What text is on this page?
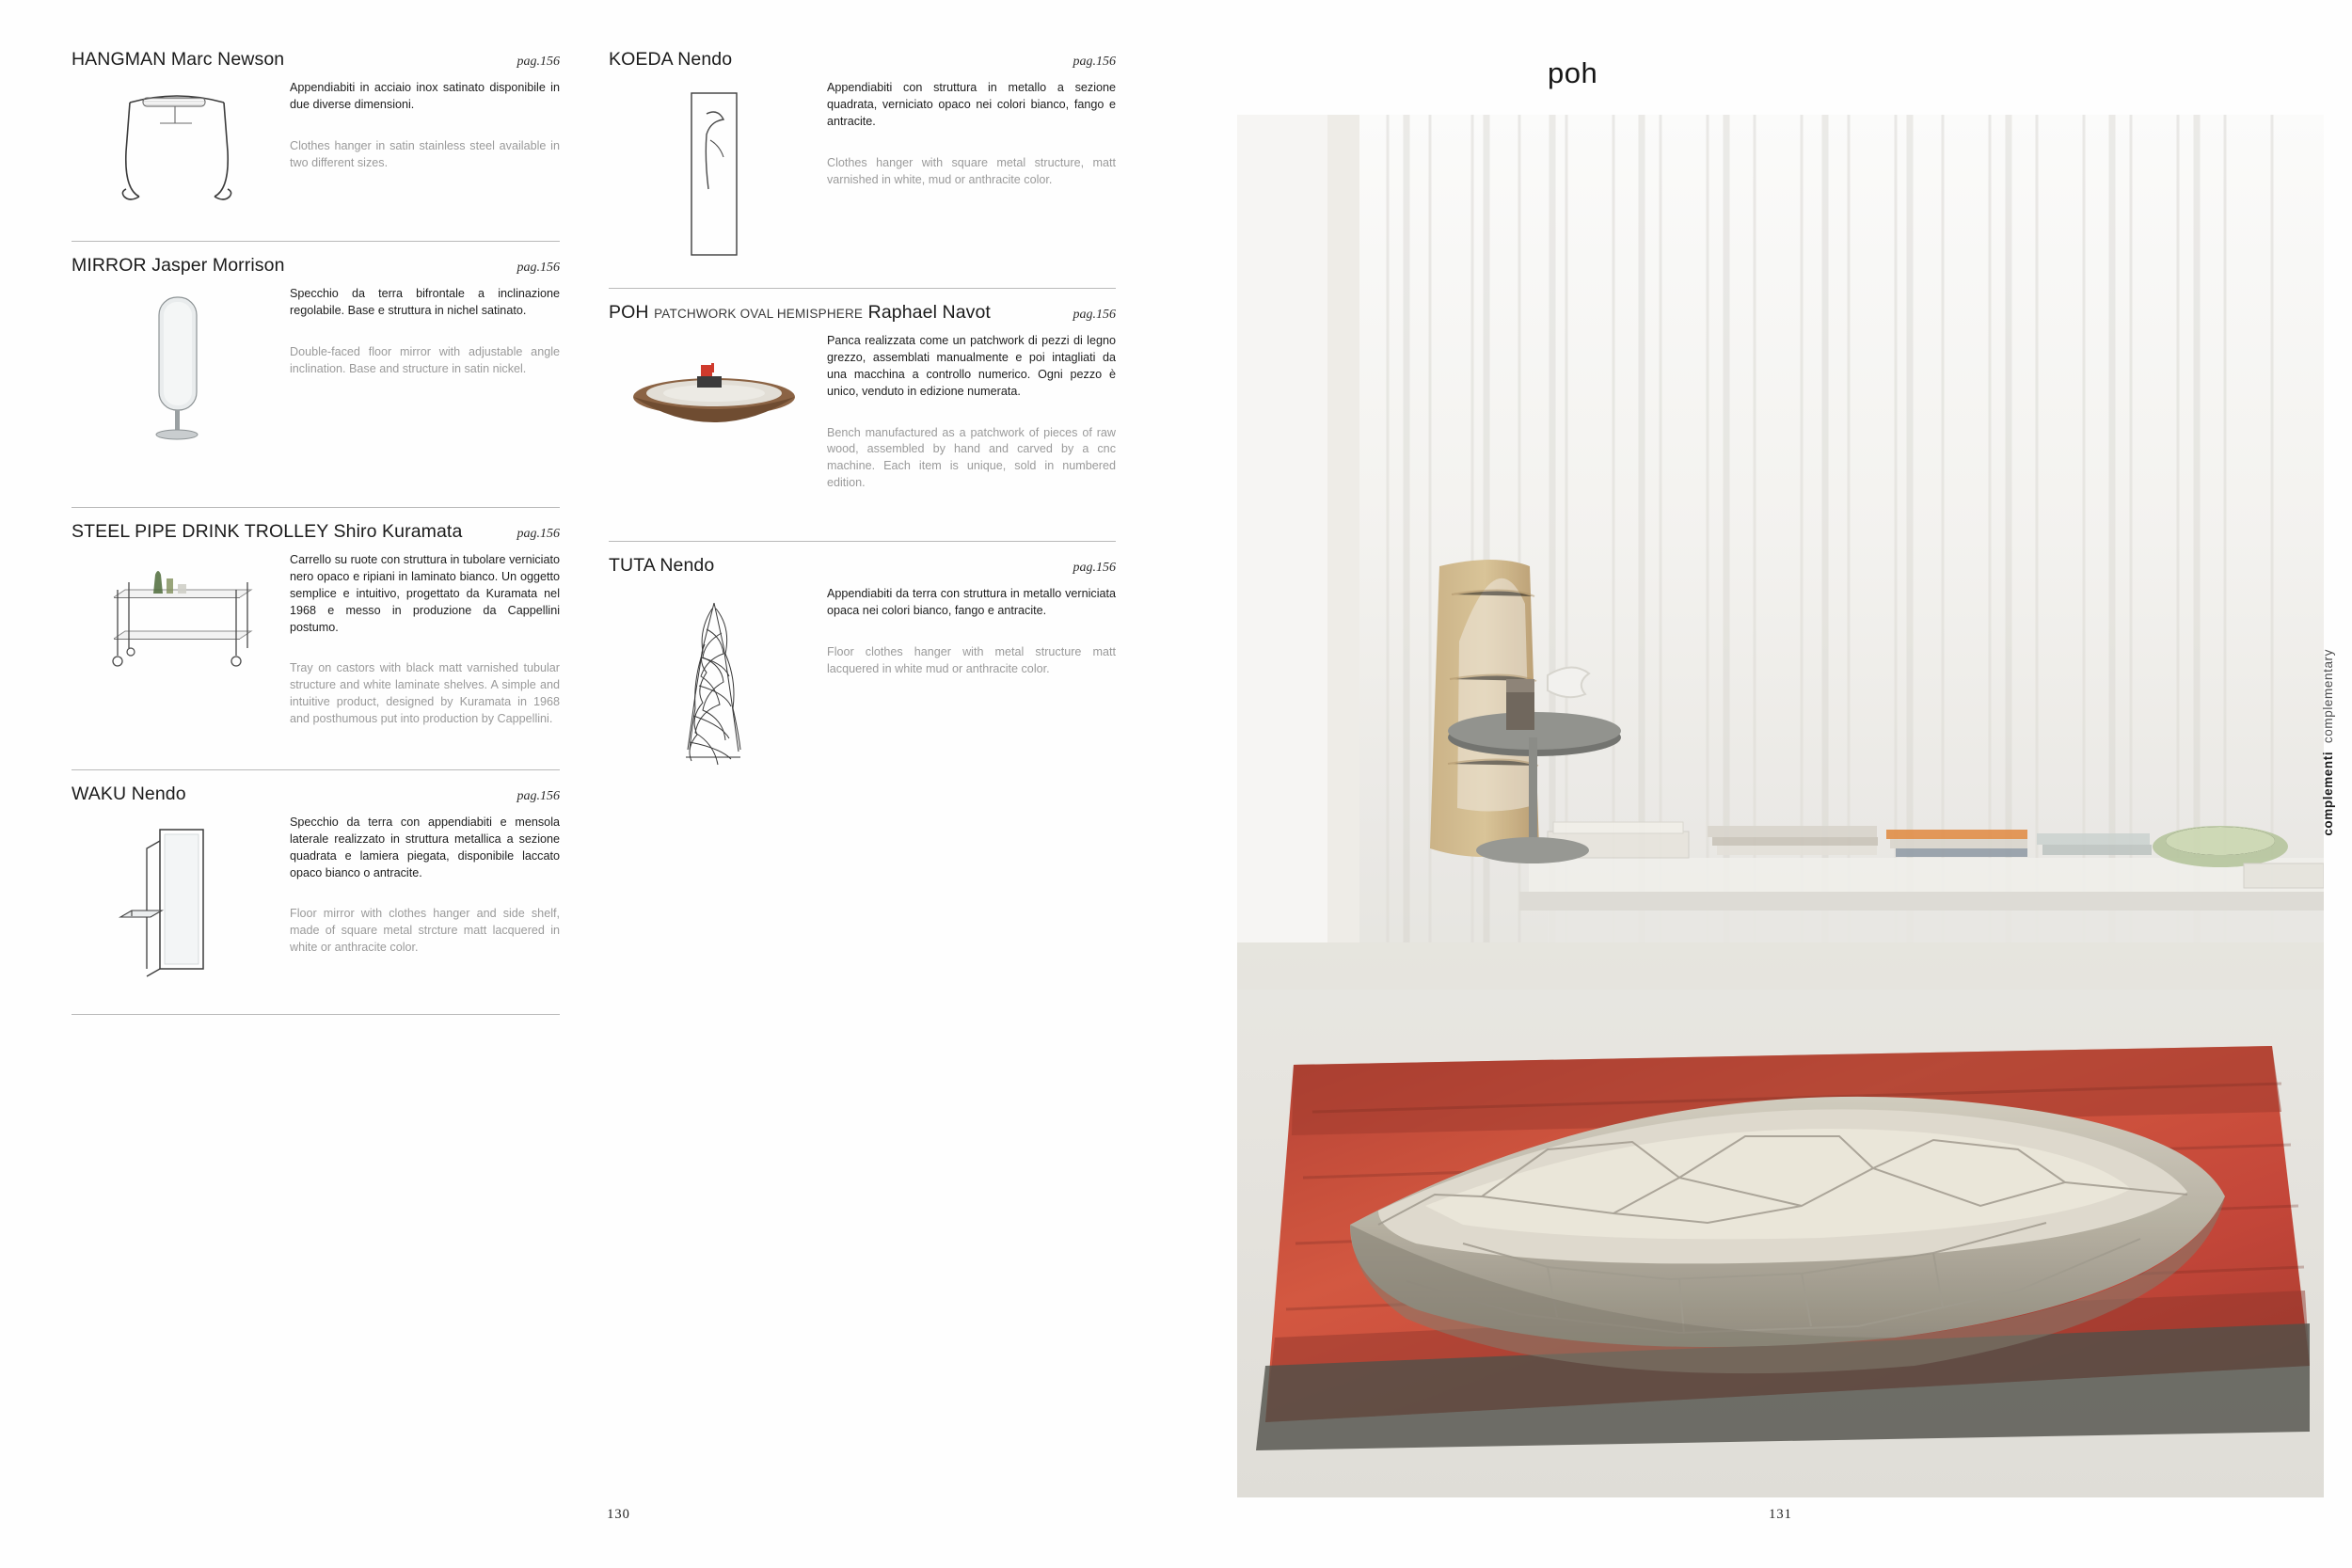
HANGMAN Marc Newson	pag.156

Appendiabiti in acciaio inox satinato disponibile in due diverse dimensioni.

Clothes hanger in satin stainless steel available in two different sizes.

MIRROR Jasper Morrison	pag.156

Specchio da terra bifrontale a inclinazione regolabile. Base e struttura in nichel satinato.

Double-faced floor mirror with adjustable angle inclination. Base and structure in satin nickel.

STEEL PIPE DRINK TROLLEY Shiro Kuramata	pag.156

Carrello su ruote con struttura in tubolare verniciato nero opaco e ripiani in laminato bianco. Un oggetto semplice e intuitivo, progettato da Kuramata nel 1968 e messo in produzione da Cappellini postumo.

Tray on castors with black matt varnished tubular structure and white laminate shelves. A simple and intuitive product, designed by Kuramata in 1968 and posthumous put into production by Cappellini.

WAKU Nendo	pag.156

Specchio da terra con appendiabiti e mensola laterale realizzato in struttura metallica a sezione quadrata e lamiera piegata, disponibile laccato opaco bianco o antracite.

Floor mirror with clothes hanger and side shelf, made of square metal strcture matt lacquered in white or anthracite color.

KOEDA Nendo	pag.156

Appendiabiti con struttura in metallo a sezione quadrata, verniciato opaco nei colori bianco, fango e antracite.

Clothes hanger with square metal structure, matt varnished in white, mud or anthracite color.

POH PATCHWORK OVAL HEMISPHERE Raphael Navot	pag.156

Panca realizzata come un patchwork di pezzi di legno grezzo, assemblati manualmente e poi intagliati da una macchina a controllo numerico. Ogni pezzo è unico, venduto in edizione numerata.

Bench manufactured as a patchwork of pieces of raw wood, assembled by hand and carved by a cnc machine. Each item is unique, sold in numbered edition.

TUTA Nendo	pag.156

Appendiabiti da terra con struttura in metallo verniciata opaca nei colori bianco, fango e antracite.

Floor clothes hanger with metal structure matt lacquered in white mud or anthracite color.

130
poh
complementi  complementary
131
